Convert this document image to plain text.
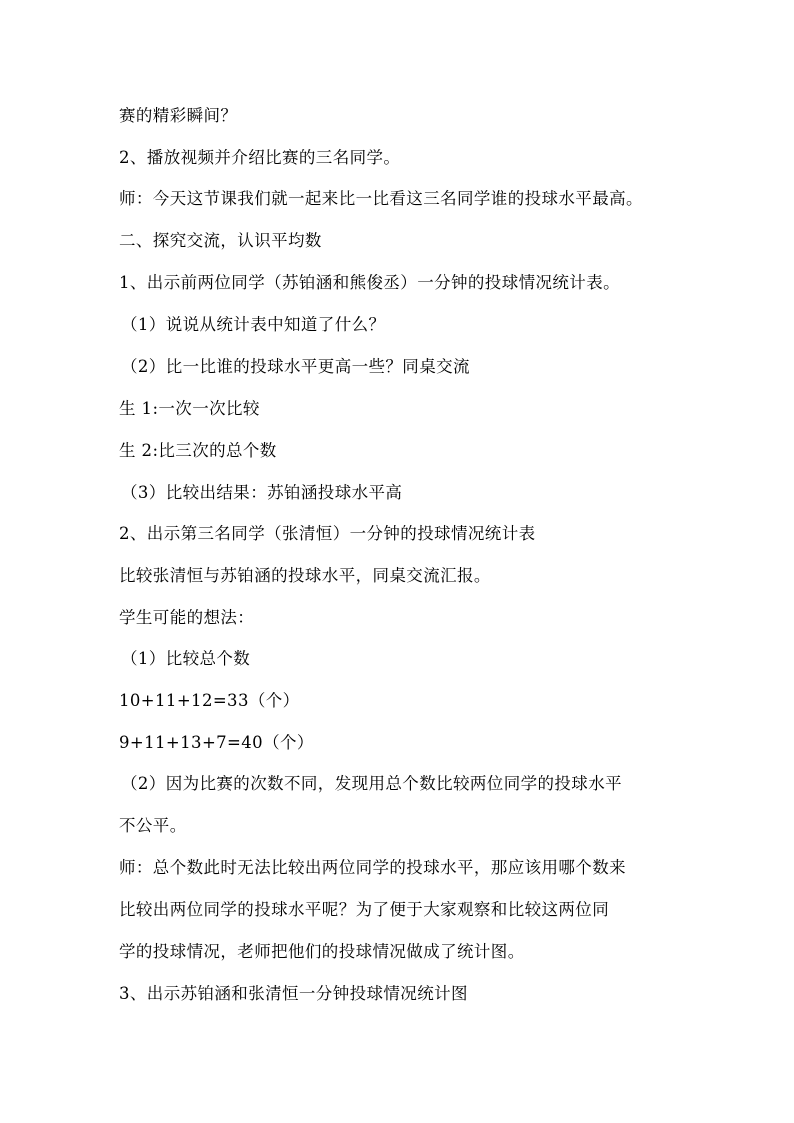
赛的精彩瞬间？
2、播放视频并介绍比赛的三名同学。
师：今天这节课我们就一起来比一比看这三名同学谁的投球水平最高。
二、探究交流，认识平均数
1、出示前两位同学（苏铂涵和熊俊丞）一分钟的投球情况统计表。
（1）说说从统计表中知道了什么？
（2）比一比谁的投球水平更高一些？同桌交流
生 1:一次一次比较
生 2:比三次的总个数
（3）比较出结果：苏铂涵投球水平高
2、出示第三名同学（张清恒）一分钟的投球情况统计表
比较张清恒与苏铂涵的投球水平，同桌交流汇报。
学生可能的想法：
（1）比较总个数
10+11+12=33（个）
9+11+13+7=40（个）
（2）因为比赛的次数不同，发现用总个数比较两位同学的投球水平
不公平。
师：总个数此时无法比较出两位同学的投球水平，那应该用哪个数来
比较出两位同学的投球水平呢？为了便于大家观察和比较这两位同
学的投球情况，老师把他们的投球情况做成了统计图。
3、出示苏铂涵和张清恒一分钟投球情况统计图
